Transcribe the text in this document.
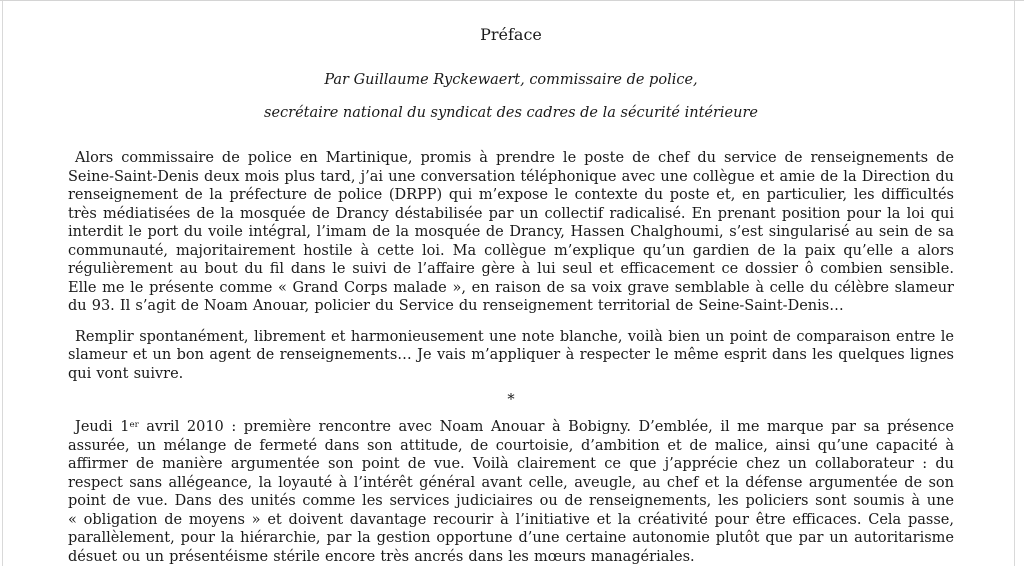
Préface
Par Guillaume Ryckewaert, commissaire de police,
secrétaire national du syndicat des cadres de la sécurité intérieure
Alors commissaire de police en Martinique, promis à prendre le poste de chef du service de renseignements de Seine-Saint-Denis deux mois plus tard, j’ai une conversation téléphonique avec une collègue et amie de la Direction du renseignement de la préfecture de police (DRPP) qui m’expose le contexte du poste et, en particulier, les difficultés très médiatisées de la mosquée de Drancy déstabilisée par un collectif radicalisé. En prenant position pour la loi qui interdit le port du voile intégral, l’imam de la mosquée de Drancy, Hassen Chalghoumi, s’est singularisé au sein de sa communauté, majoritairement hostile à cette loi. Ma collègue m’explique qu’un gardien de la paix qu’elle a alors régulièrement au bout du fil dans le suivi de l’affaire gère à lui seul et efficacement ce dossier ô combien sensible. Elle me le présente comme « Grand Corps malade », en raison de sa voix grave semblable à celle du célèbre slameur du 93. Il s’agit de Noam Anouar, policier du Service du renseignement territorial de Seine-Saint-Denis…
Remplir spontanément, librement et harmonieusement une note blanche, voilà bien un point de comparaison entre le slameur et un bon agent de renseignements… Je vais m’appliquer à respecter le même esprit dans les quelques lignes qui vont suivre.
*
Jeudi 1er avril 2010 : première rencontre avec Noam Anouar à Bobigny. D’emblée, il me marque par sa présence assurée, un mélange de fermeté dans son attitude, de courtoisie, d’ambition et de malice, ainsi qu’une capacité à affirmer de manière argumentée son point de vue. Voilà clairement ce que j’apprécie chez un collaborateur : du respect sans allégeance, la loyauté à l’intérêt général avant celle, aveugle, au chef et la défense argumentée de son point de vue. Dans des unités comme les services judiciaires ou de renseignements, les policiers sont soumis à une « obligation de moyens » et doivent davantage recourir à l’initiative et la créativité pour être efficaces. Cela passe, parallèlement, pour la hiérarchie, par la gestion opportune d’une certaine autonomie plutôt que par un autoritarisme désuet ou un présentéisme stérile encore très ancrés dans les mœurs managériales.
